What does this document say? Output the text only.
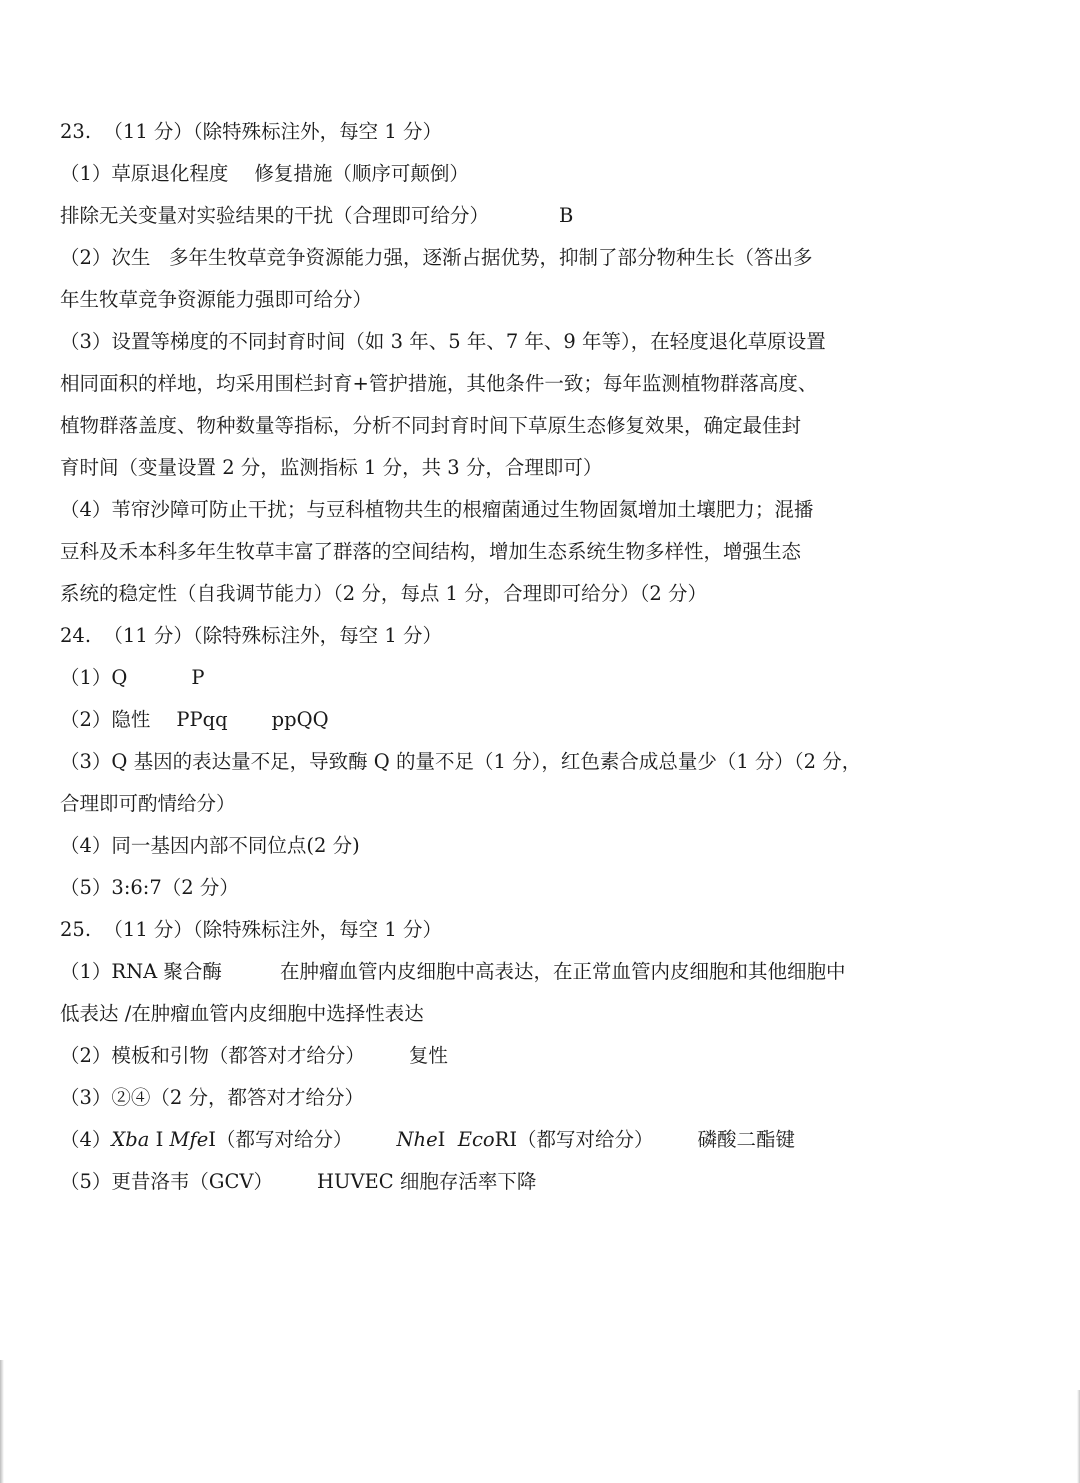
23.  （11 分）（除特殊标注外，每空 1 分）
（1）草原退化程度 修复措施（顺序可颠倒）
排除无关变量对实验结果的干扰（合理即可给分）	B
（2）次生   多年生牧草竞争资源能力强，逐渐占据优势，抑制了部分物种生长（答出多
年生牧草竞争资源能力强即可给分）
（3）设置等梯度的不同封育时间（如 3 年、5 年、7 年、9 年等），在轻度退化草原设置
相同面积的样地，均采用围栏封育+管护措施，其他条件一致；每年监测植物群落高度、
植物群落盖度、物种数量等指标，分析不同封育时间下草原生态修复效果，确定最佳封
育时间（变量设置 2 分，监测指标 1 分，共 3 分，合理即可）
（4）苇帘沙障可防止干扰；与豆科植物共生的根瘤菌通过生物固氮增加土壤肥力；混播
豆科及禾本科多年生牧草丰富了群落的空间结构，增加生态系统生物多样性，增强生态
系统的稳定性（自我调节能力）（2 分，每点 1 分，合理即可给分）（2 分）
24.  （11 分）（除特殊标注外，每空 1 分）
（1）Q	P
（2）隐性 PPqq ppQQ
（3）Q 基因的表达量不足，导致酶 Q 的量不足（1 分），红色素合成总量少（1 分）（2 分，
合理即可酌情给分）
（4）同一基因内部不同位点(2 分)
（5）3:6:7（2 分）
25.  （11 分）（除特殊标注外，每空 1 分）
（1）RNA 聚合酶	在肿瘤血管内皮细胞中高表达，在正常血管内皮细胞和其他细胞中
低表达 /在肿瘤血管内皮细胞中选择性表达
（2）模板和引物（都答对才给分） 复性
（3）②④（2 分，都答对才给分）
（4）Xba Ⅰ MfeⅠ（都写对给分） NheⅠ  EcoRI（都写对给分） 磷酸二酯键
（5）更昔洛韦（GCV） HUVEC 细胞存活率下降
